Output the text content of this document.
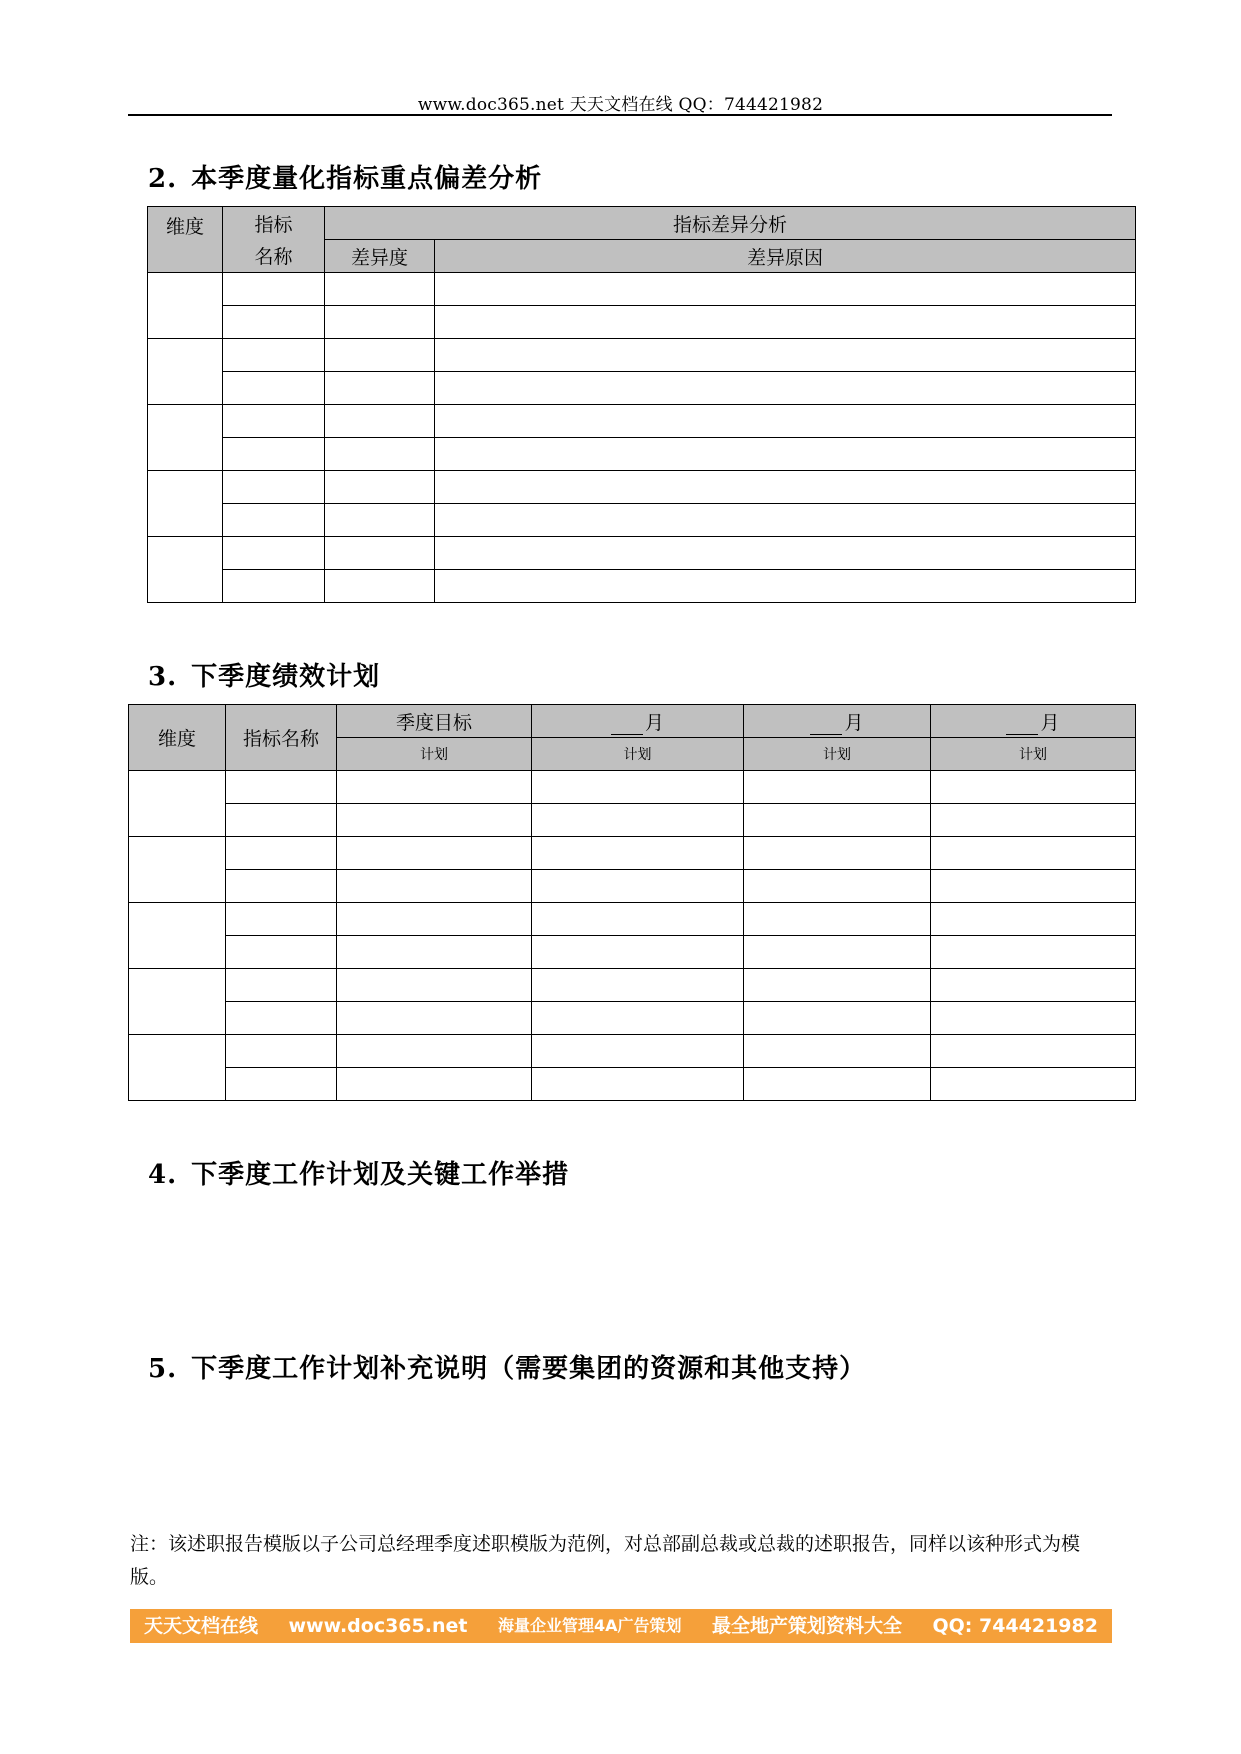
www.doc365.net 天天文档在线 QQ：744421982
2. 本季度量化指标重点偏差分析
维度	指标	指标差异分析	
	名称	差异度	差异原因

3. 下季度绩效计划
维度	指标名称	季度目标	月	月	月
		计划	计划	计划	计划

4. 下季度工作计划及关键工作举措
5. 下季度工作计划补充说明（需要集团的资源和其他支持）
注：该述职报告模版以子公司总经理季度述职模版为范例，对总部副总裁或总裁的述职报告，同样以该种形式为模版。
天天文档在线 www.doc365.net 海量企业管理4A广告策划 最全地产策划资料大全 QQ: 744421982
